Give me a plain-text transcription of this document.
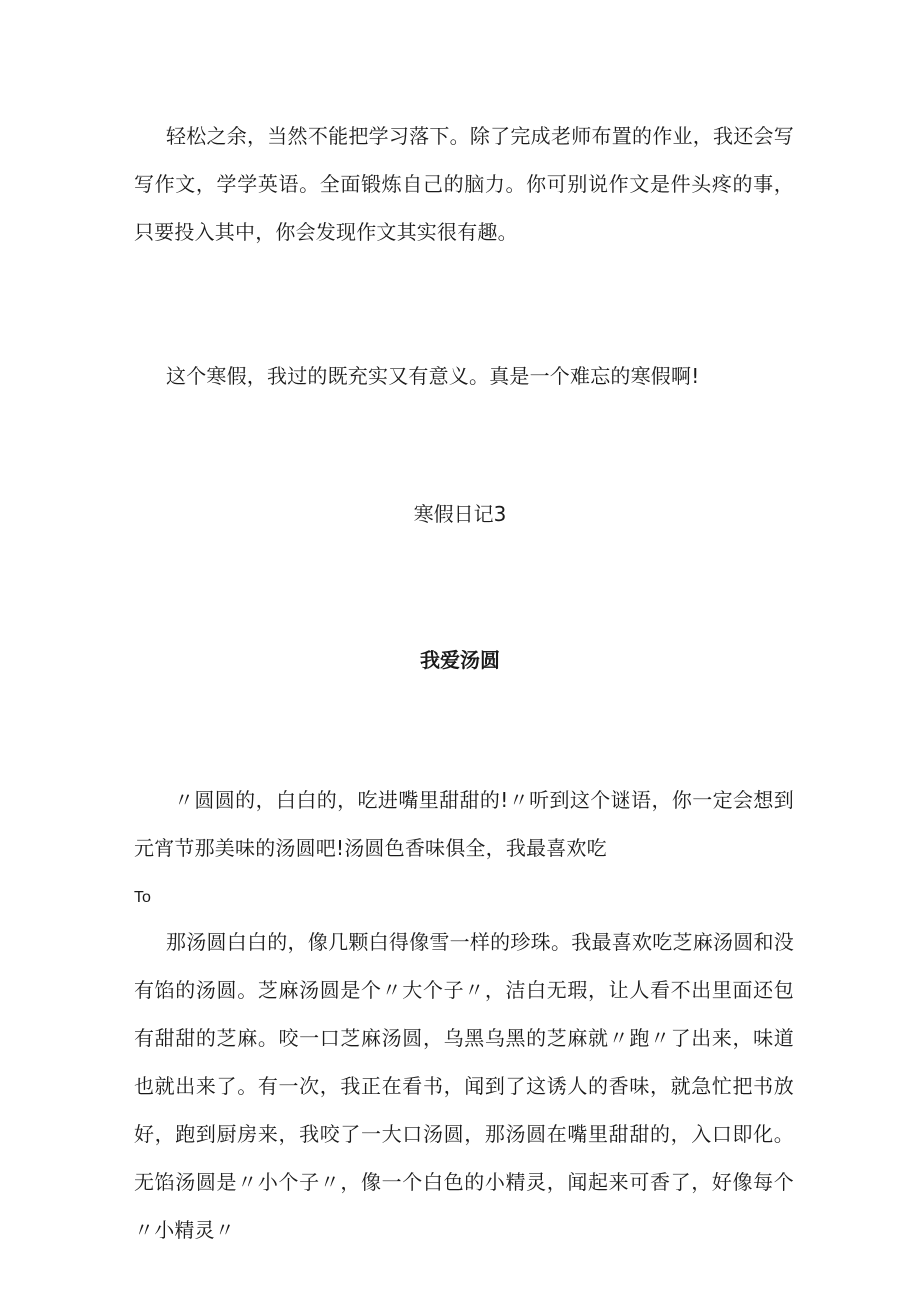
轻松之余，当然不能把学习落下。除了完成老师布置的作业，我还会写写作文，学学英语。全面锻炼自己的脑力。你可别说作文是件头疼的事，只要投入其中，你会发现作文其实很有趣。

这个寒假，我过的既充实又有意义。真是一个难忘的寒假啊!

寒假日记3

我爱汤圆

〃圆圆的，白白的，吃进嘴里甜甜的!〃听到这个谜语，你一定会想到元宵节那美味的汤圆吧!汤圆色香味俱全，我最喜欢吃

To

那汤圆白白的，像几颗白得像雪一样的珍珠。我最喜欢吃芝麻汤圆和没有馅的汤圆。芝麻汤圆是个〃大个子〃，洁白无瑕，让人看不出里面还包有甜甜的芝麻。咬一口芝麻汤圆，乌黑乌黑的芝麻就〃跑〃了出来，味道也就出来了。有一次，我正在看书，闻到了这诱人的香味，就急忙把书放好，跑到厨房来，我咬了一大口汤圆，那汤圆在嘴里甜甜的，入口即化。无馅汤圆是〃小个子〃，像一个白色的小精灵，闻起来可香了，好像每个〃小精灵〃
